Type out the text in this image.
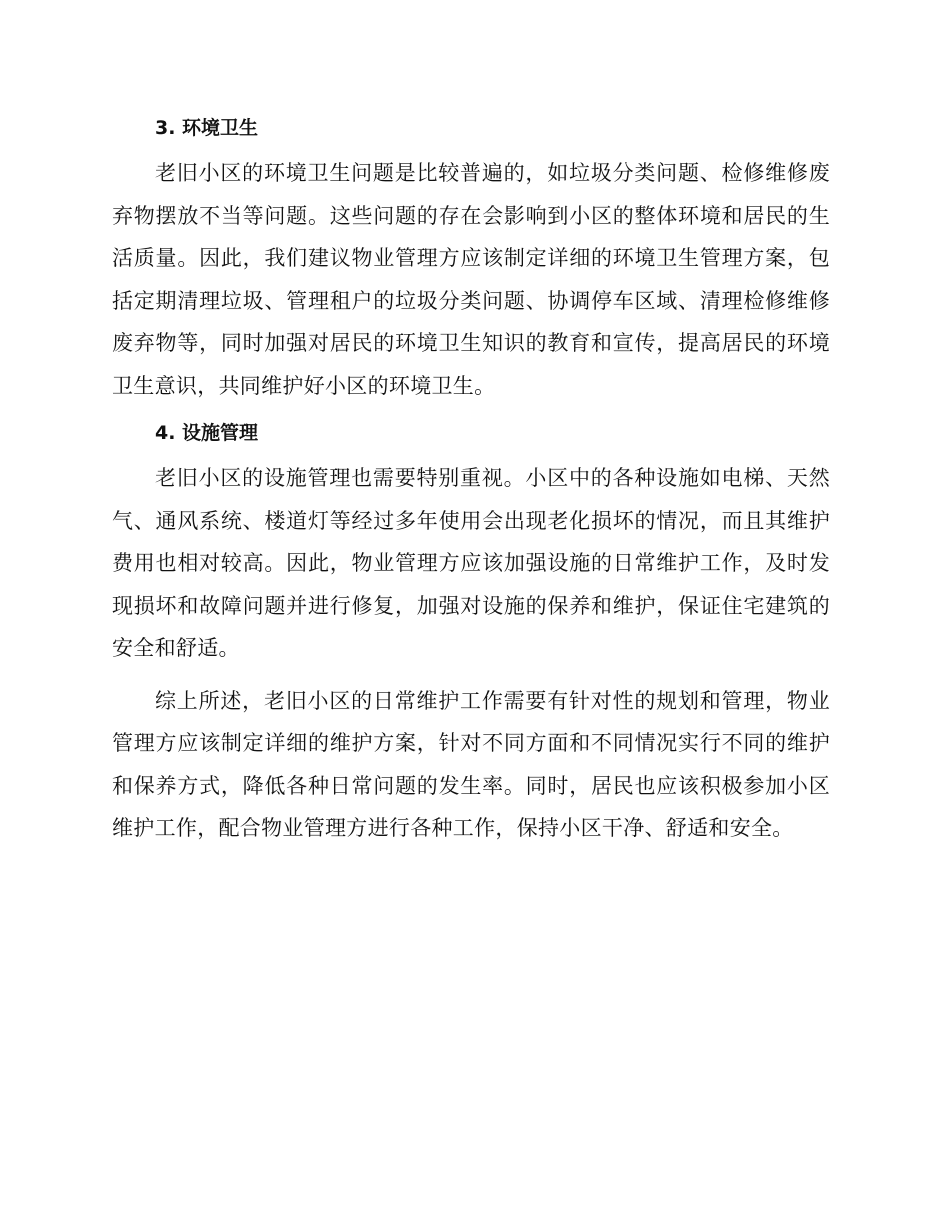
3. 环境卫生

老旧小区的环境卫生问题是比较普遍的，如垃圾分类问题、检修维修废弃物摆放不当等问题。这些问题的存在会影响到小区的整体环境和居民的生活质量。因此，我们建议物业管理方应该制定详细的环境卫生管理方案，包括定期清理垃圾、管理租户的垃圾分类问题、协调停车区域、清理检修维修废弃物等，同时加强对居民的环境卫生知识的教育和宣传，提高居民的环境卫生意识，共同维护好小区的环境卫生。

4. 设施管理

老旧小区的设施管理也需要特别重视。小区中的各种设施如电梯、天然气、通风系统、楼道灯等经过多年使用会出现老化损坏的情况，而且其维护费用也相对较高。因此，物业管理方应该加强设施的日常维护工作，及时发现损坏和故障问题并进行修复，加强对设施的保养和维护，保证住宅建筑的安全和舒适。

综上所述，老旧小区的日常维护工作需要有针对性的规划和管理，物业管理方应该制定详细的维护方案，针对不同方面和不同情况实行不同的维护和保养方式，降低各种日常问题的发生率。同时，居民也应该积极参加小区维护工作，配合物业管理方进行各种工作，保持小区干净、舒适和安全。
